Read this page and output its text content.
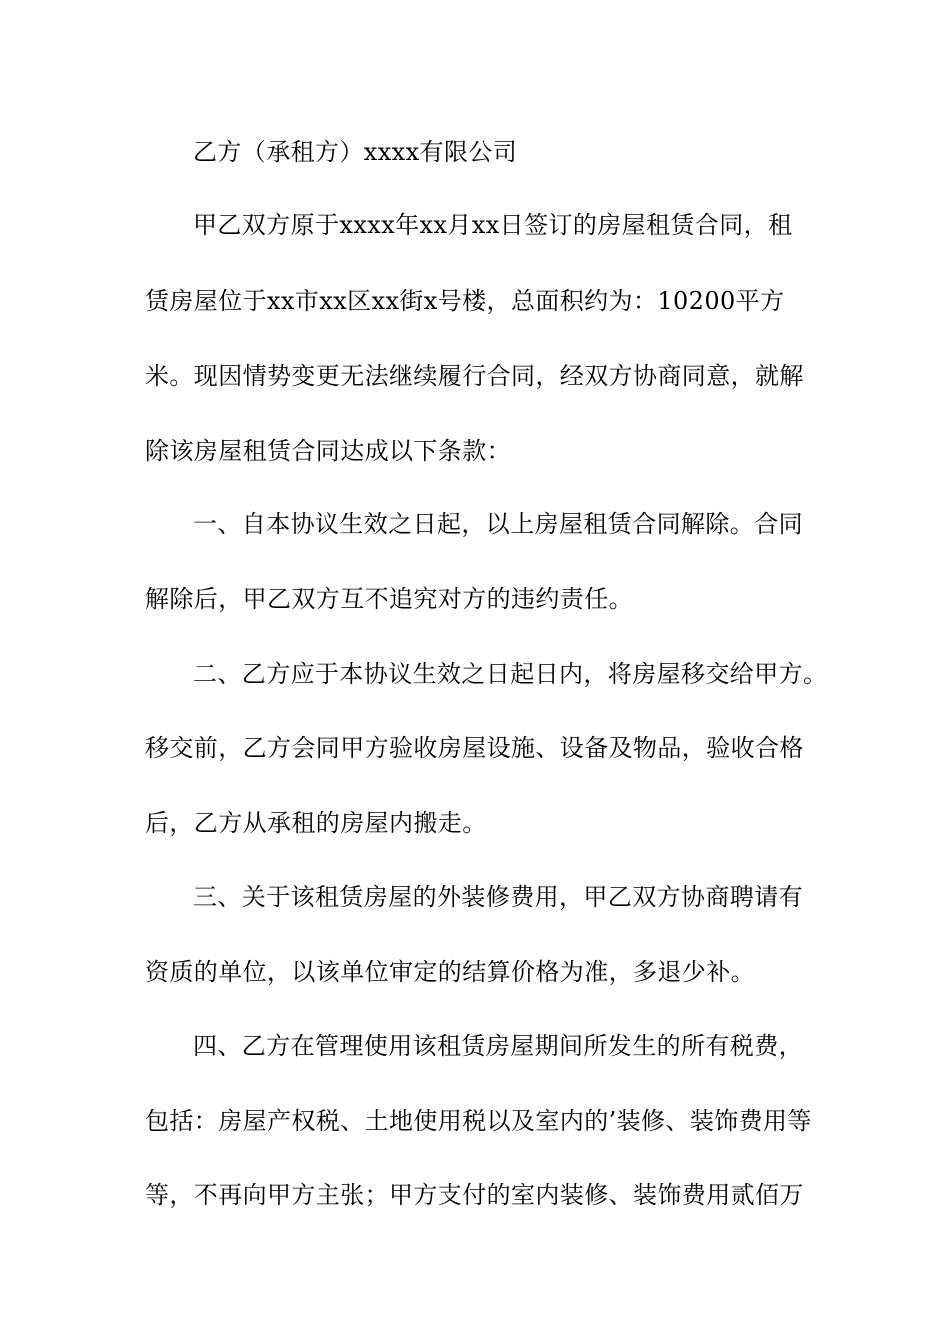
乙方（承租方）xxxx有限公司
甲乙双方原于xxxx年xx月xx日签订的房屋租赁合同，租
赁房屋位于xx市xx区xx街x号楼，总面积约为：10200平方
米。现因情势变更无法继续履行合同，经双方协商同意，就解
除该房屋租赁合同达成以下条款：
一、自本协议生效之日起，以上房屋租赁合同解除。合同
解除后，甲乙双方互不追究对方的违约责任。
二、乙方应于本协议生效之日起日内，将房屋移交给甲方。
移交前，乙方会同甲方验收房屋设施、设备及物品，验收合格
后，乙方从承租的房屋内搬走。
三、关于该租赁房屋的外装修费用，甲乙双方协商聘请有
资质的单位，以该单位审定的结算价格为准，多退少补。
四、乙方在管理使用该租赁房屋期间所发生的所有税费，
包括：房屋产权税、土地使用税以及室内的’装修、装饰费用等
等，不再向甲方主张；甲方支付的室内装修、装饰费用贰佰万
